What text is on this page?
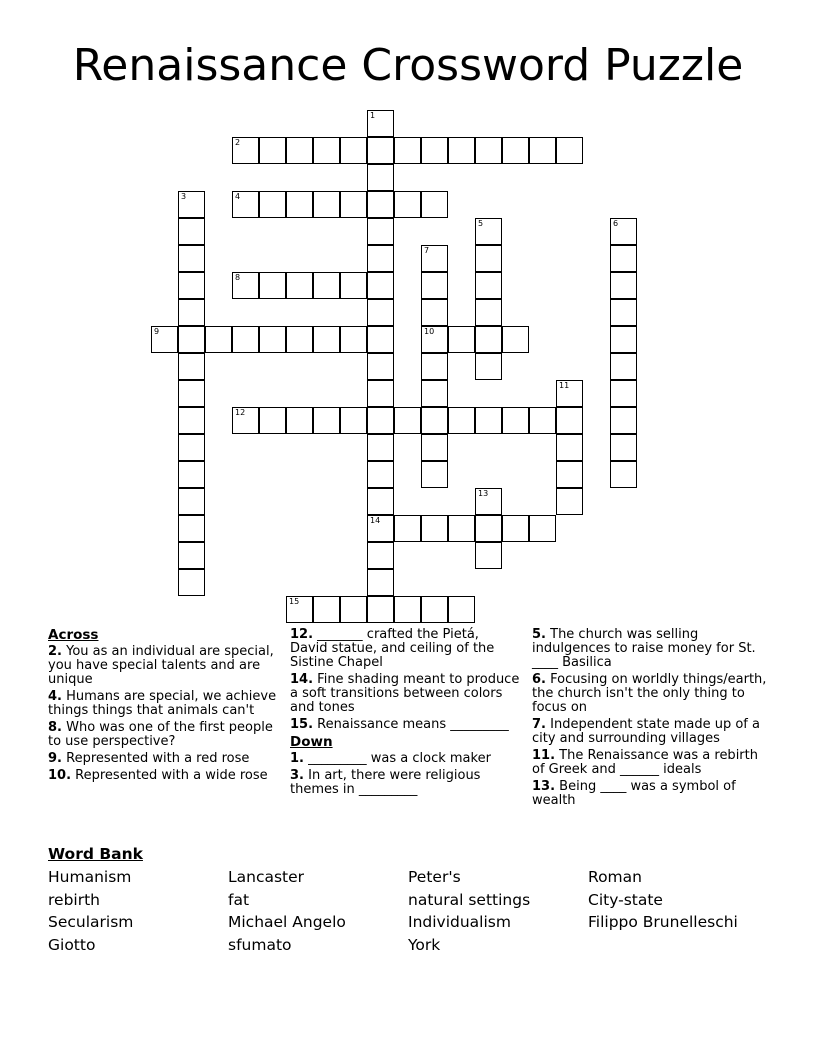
Renaissance Crossword Puzzle
1
14
2
3	4
5	6
7
10
8
9
11
12
13
15
Across

2. You as an individual are special, you have special talents and are unique

4. Humans are special, we achieve things things that animals can't

8. Who was one of the first people to use perspective?

9. Represented with a red rose

10. Represented with a wide rose

12. _______ crafted the Pietá, David statue, and ceiling of the Sistine Chapel

14. Fine shading meant to produce a soft transitions between colors and tones

15. Renaissance means _________

Down

1. _________ was a clock maker

3. In art, there were religious themes in _________

5. The church was selling indulgences to raise money for St. ____ Basilica

6. Focusing on worldly things/earth, the church isn't the only thing to focus on

7. Independent state made up of a city and surrounding villages

11. The Renaissance was a rebirth of Greek and ______ ideals

13. Being ____ was a symbol of wealth

Word Bank
Humanism	Lancaster	Peter's	Roman
rebirth	fat	natural settings	City-state
Secularism	Michael Angelo	Individualism	Filippo Brunelleschi
Giotto	sfumato	York
